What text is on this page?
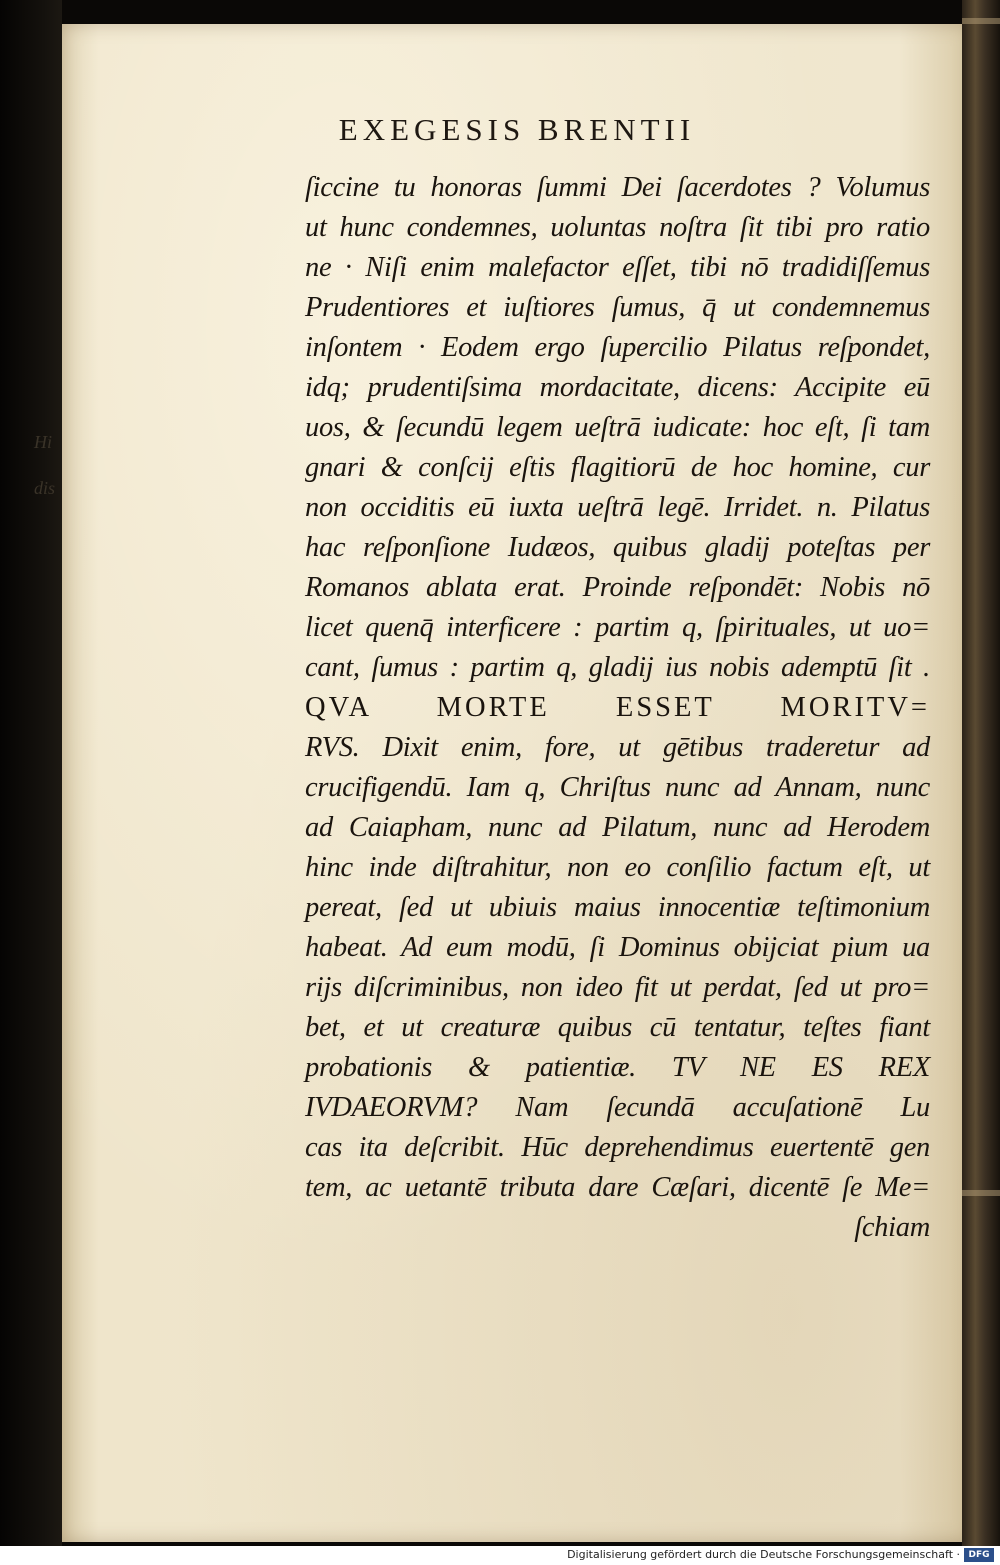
Hi
dis
EXEGESIS BRENTII
ſiccine tu honoras ſummi Dei ſacerdotes ? Volumus
ut hunc condemnes, uoluntas noſtra ſit tibi pro ratio
ne · Niſi enim malefactor eſſet, tibi nō tradidiſſemus
Prudentiores et iuſtiores ſumus, q̄ ut condemnemus
inſontem · Eodem ergo ſupercilio Pilatus reſpondet,
idq; prudentiſsima mordacitate, dicens: Accipite eū
uos, & ſecundū legem ueſtrā iudicate: hoc eſt, ſi tam
gnari & conſcij eſtis flagitiorū de hoc homine, cur
non occiditis eū iuxta ueſtrā legē. Irridet. n. Pilatus
hac reſponſione Iudæos, quibus gladij poteſtas per
Romanos ablata erat. Proinde reſpondēt: Nobis nō
licet quenq̄ interficere : partim q, ſpirituales, ut uo=
cant, ſumus : partim q, gladij ius nobis ademptū ſit .
QVA MORTE ESSET MORITV=
RVS. Dixit enim, fore, ut gētibus traderetur ad
crucifigendū. Iam q, Chriſtus nunc ad Annam, nunc
ad Caiapham, nunc ad Pilatum, nunc ad Herodem
hinc inde diſtrahitur, non eo conſilio factum eſt, ut
pereat, ſed ut ubiuis maius innocentiæ teſtimonium
habeat. Ad eum modū, ſi Dominus obijciat pium ua
rijs diſcriminibus, non ideo fit ut perdat, ſed ut pro=
bet, et ut creaturæ quibus cū tentatur, teſtes fiant
probationis & patientiæ. TV NE ES REX
IVDAEORVM? Nam ſecundā accuſationē Lu
cas ita deſcribit. Hūc deprehendimus euertentē gen
tem, ac uetantē tributa dare Cæſari, dicentē ſe Me=
ſchiam
Digitalisierung gefördert durch die Deutsche Forschungsgemeinschaft · DFG
